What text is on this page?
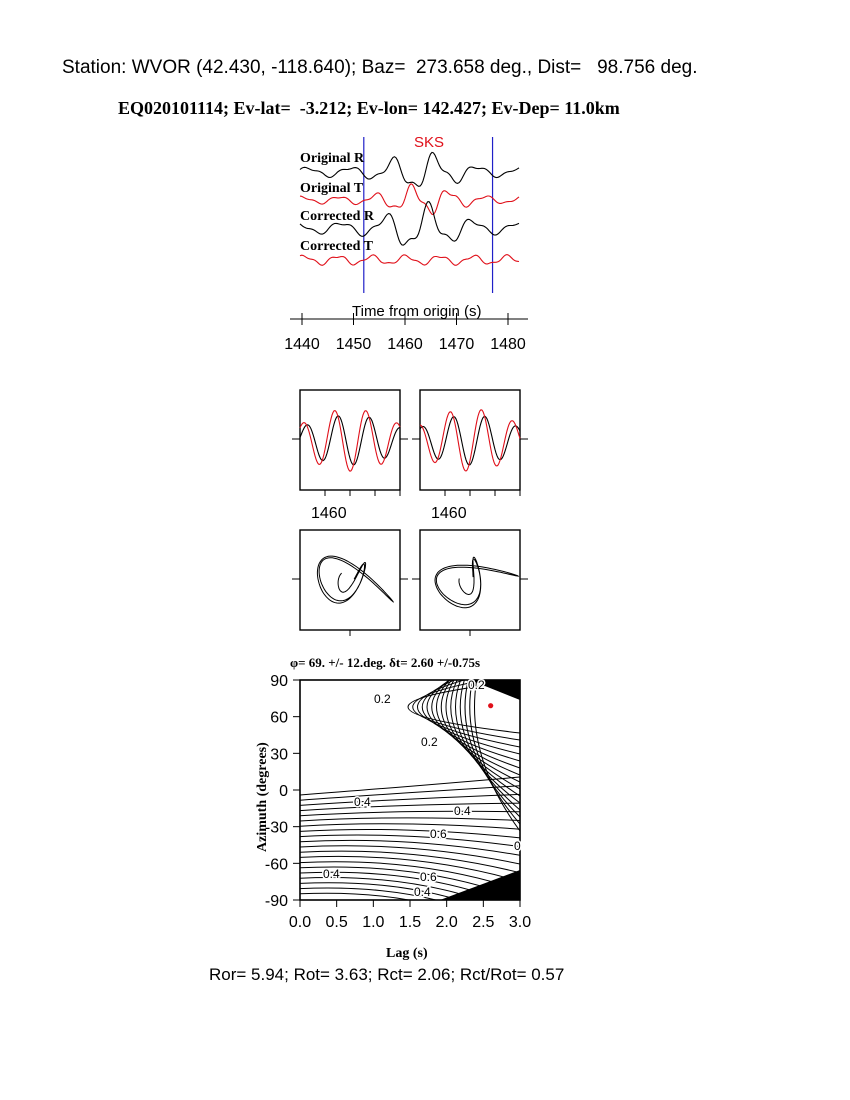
Station: WVOR (42.430, -118.640); Baz=  273.658 deg., Dist=   98.756 deg.
EQ020101114; Ev-lat=  -3.212; Ev-lon= 142.427; Ev-Dep= 11.0km
SKS
Original R
Original T
Corrected R
Corrected T
Time from origin (s)
1440 1450 1460 1470 1480
1460	1460
φ= 69. +/- 12.deg. δt= 2.60 +/-0.75s
0.0 0.5 1.0 1.5 2.0 2.5 3.0
90
60
30
0
-30
-60
-90
0.2
0.2
0.2
0.4
0.4
0.6
0.6
0.4
0.4
0
Lag (s)
Azimuth (degrees)
Ror= 5.94; Rot= 3.63; Rct= 2.06; Rct/Rot= 0.57
